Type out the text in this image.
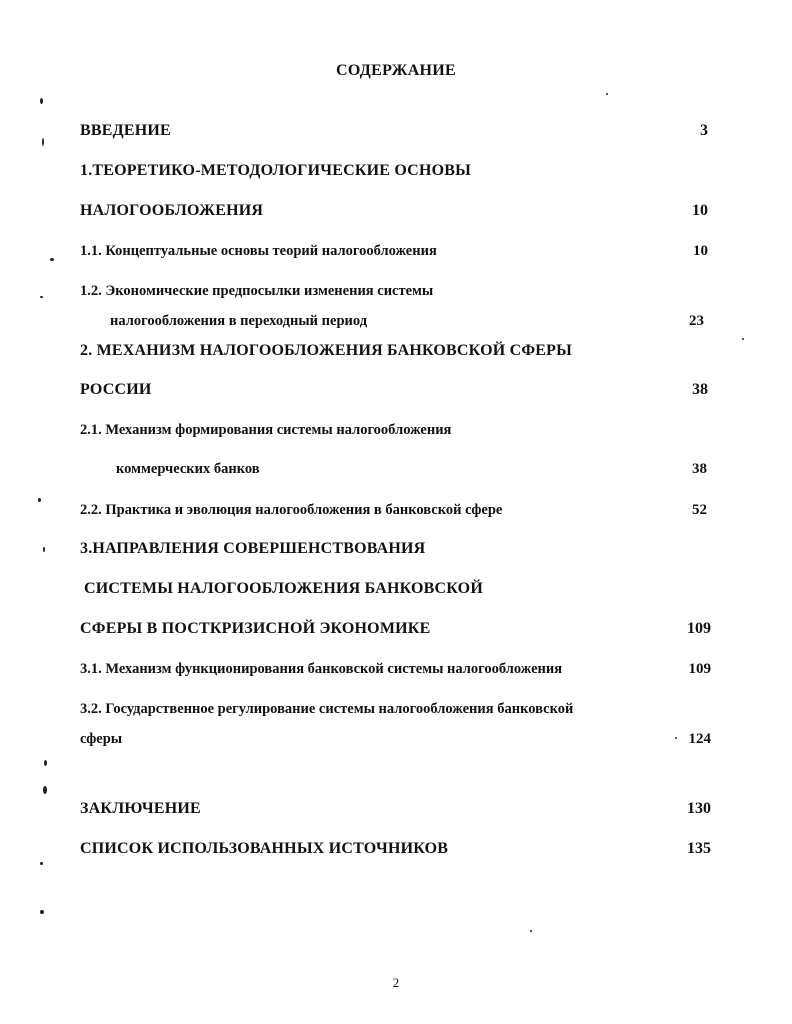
СОДЕРЖАНИЕ
ВВЕДЕНИЕ	3
1.ТЕОРЕТИКО-МЕТОДОЛОГИЧЕСКИЕ ОСНОВЫ
НАЛОГООБЛОЖЕНИЯ	10
1.1. Концептуальные основы теорий налогообложения	10
1.2. Экономические предпосылки изменения системы
налогообложения в переходный период	23
2. МЕХАНИЗМ НАЛОГООБЛОЖЕНИЯ БАНКОВСКОЙ СФЕРЫ
РОССИИ	38
2.1. Механизм формирования системы налогообложения
коммерческих банков	38
2.2. Практика и эволюция налогообложения в банковской сфере	52
3.НАПРАВЛЕНИЯ СОВЕРШЕНСТВОВАНИЯ
СИСТЕМЫ НАЛОГООБЛОЖЕНИЯ БАНКОВСКОЙ
СФЕРЫ В ПОСТКРИЗИСНОЙ ЭКОНОМИКЕ	109
3.1. Механизм функционирования банковской системы налогообложения	109
3.2. Государственное регулирование системы налогообложения банковской
сферы	124
ЗАКЛЮЧЕНИЕ	130
СПИСОК ИСПОЛЬЗОВАННЫХ ИСТОЧНИКОВ	135
2
